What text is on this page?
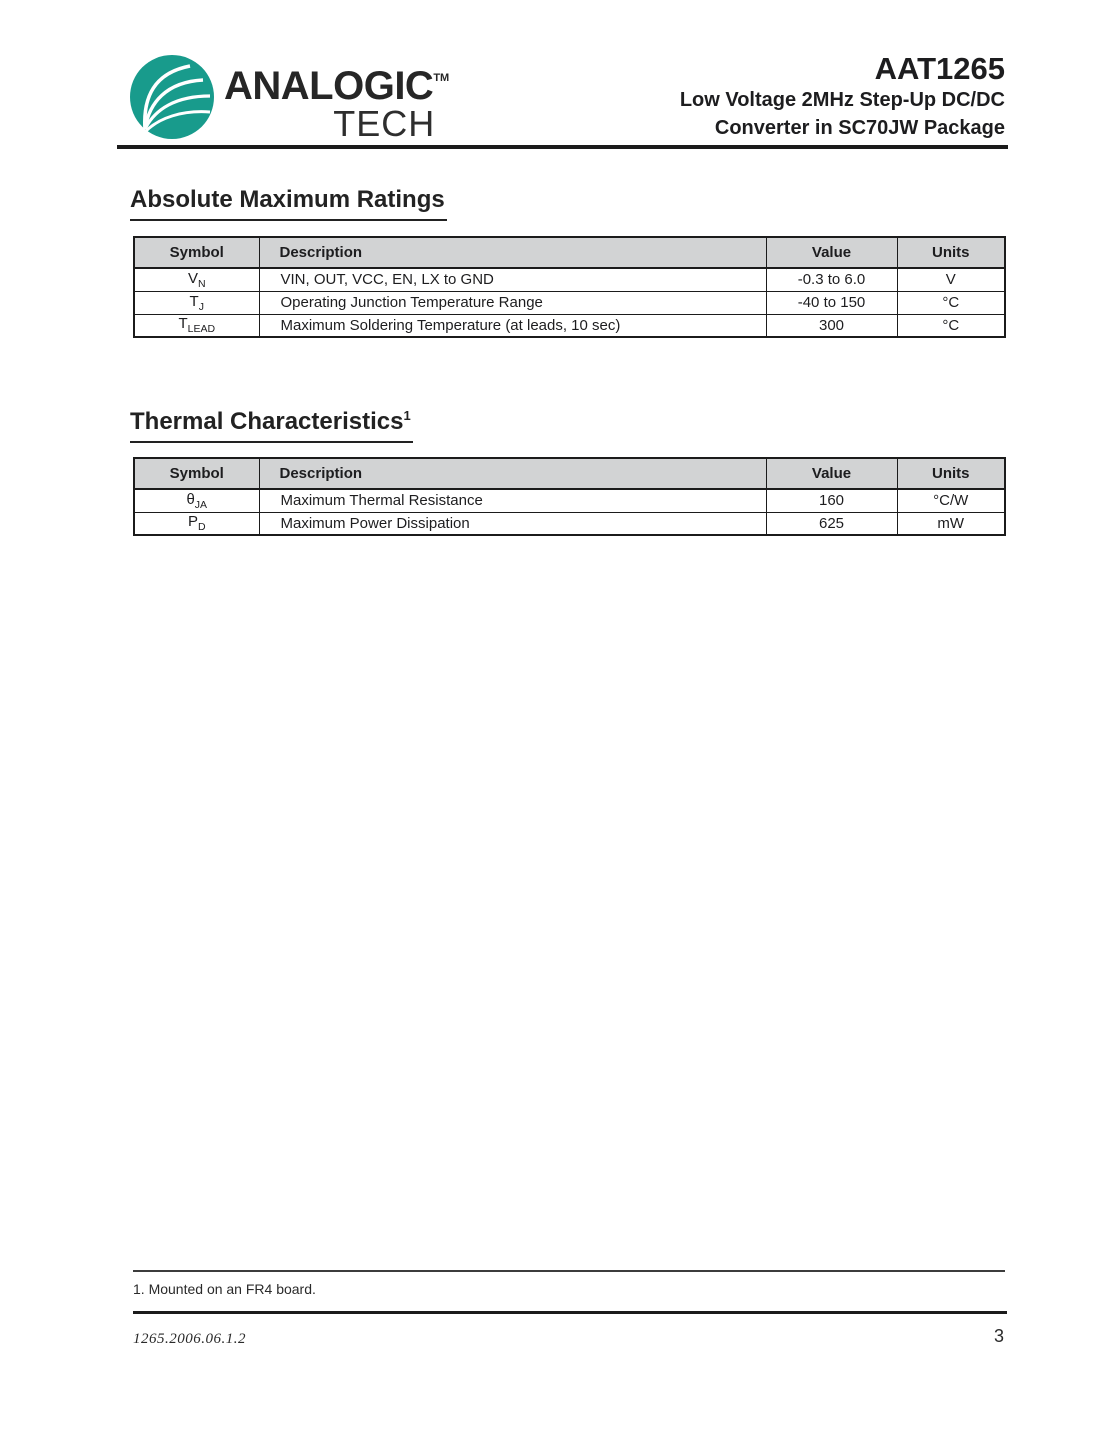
ANALOGIC™
TECH
AAT1265
Low Voltage 2MHz Step-Up DC/DC
Converter in SC70JW Package
Absolute Maximum Ratings
Symbol	Description	Value	Units
$V_N$	VIN, OUT, VCC, EN, LX to GND	-0.3 to 6.0	V
$T_J$	Operating Junction Temperature Range	-40 to 150	°C
$T_{LEAD}$	Maximum Soldering Temperature (at leads, 10 sec)	300	°C
Thermal Characteristics$^1$
Symbol	Description	Value	Units
$\theta_{JA}$	Maximum Thermal Resistance	160	°C/W
$P_D$	Maximum Power Dissipation	625	mW
1. Mounted on an FR4 board.
1265.2006.06.1.2	3
